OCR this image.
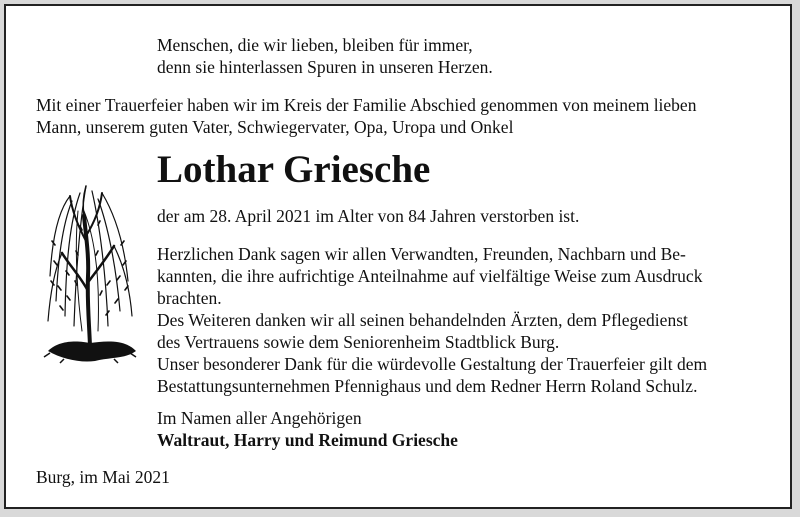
Menschen, die wir lieben, bleiben für immer,
denn sie hinterlassen Spuren in unseren Herzen.
Mit einer Trauerfeier haben wir im Kreis der Familie Abschied genommen von meinem lieben
Mann, unserem guten Vater, Schwiegervater, Opa, Uropa und Onkel
Lothar Griesche
der am 28. April 2021 im Alter von 84 Jahren verstorben ist.
Herzlichen Dank sagen wir allen Verwandten, Freunden, Nachbarn und Be-
kannten, die ihre aufrichtige Anteilnahme auf vielfältige Weise zum Ausdruck
brachten.
Des Weiteren danken wir all seinen behandelnden Ärzten, dem Pflegedienst
des Vertrauens sowie dem Seniorenheim Stadtblick Burg.
Unser besonderer Dank für die würdevolle Gestaltung der Trauerfeier gilt dem
Bestattungsunternehmen Pfennighaus und dem Redner Herrn Roland Schulz.
Im Namen aller Angehörigen
Waltraut, Harry und Reimund Griesche
Burg, im Mai 2021
